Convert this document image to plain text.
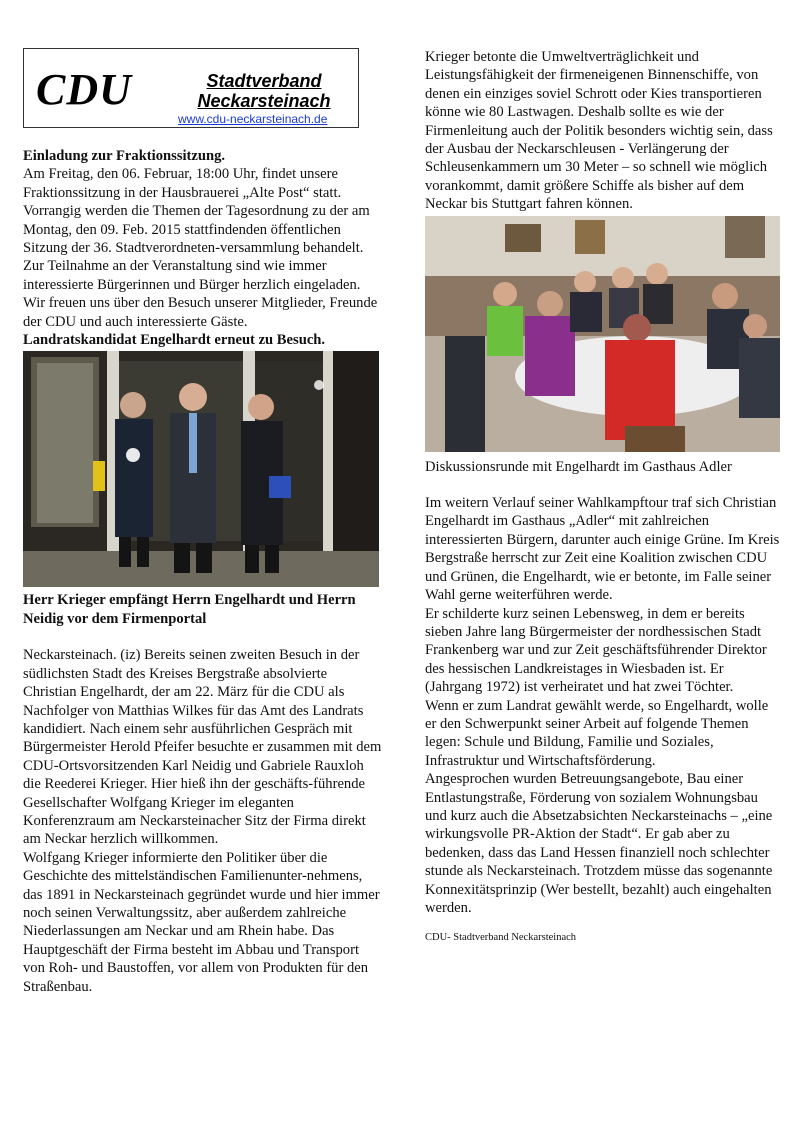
CDU	Stadtverband
Neckarsteinach
www.cdu-neckarsteinach.de

Einladung zur Fraktionssitzung.

Am Freitag, den 06. Februar, 18:00 Uhr, findet unsere Fraktionssitzung in der Hausbrauerei „Alte Post“ statt. Vorrangig werden die Themen der Tagesordnung zu der am Montag, den 09. Feb. 2015 stattfindenden öffentlichen Sitzung der 36. Stadtverordneten-versammlung behandelt.

Zur Teilnahme an der Veranstaltung sind wie immer interessierte Bürgerinnen und Bürger herzlich eingeladen. Wir freuen uns über den Besuch unserer Mitglieder, Freunde der CDU und auch interessierte Gäste.

Landratskandidat Engelhardt erneut zu Besuch.

Herr Krieger empfängt Herrn Engelhardt und Herrn Neidig vor dem Firmenportal

Neckarsteinach. (iz) Bereits seinen zweiten Besuch in der südlichsten Stadt des Kreises Bergstraße absolvierte Christian Engelhardt, der am 22. März für die CDU als Nachfolger von Matthias Wilkes für das Amt des Landrats kandidiert. Nach einem sehr ausführlichen Gespräch mit Bürgermeister Herold Pfeifer besuchte er zusammen mit dem CDU-Ortsvorsitzenden Karl Neidig und Gabriele Rauxloh die Reederei Krieger. Hier hieß ihn der geschäfts-führende Gesellschafter Wolfgang Krieger im eleganten Konferenzraum am Neckarsteinacher Sitz der Firma direkt am Neckar herzlich willkommen.

Wolfgang Krieger informierte den Politiker über die Geschichte des mittelständischen Familienunter-nehmens, das 1891 in Neckarsteinach gegründet wurde und hier immer noch seinen Verwaltungssitz, aber außerdem zahlreiche Niederlassungen am Neckar und am Rhein habe. Das Hauptgeschäft der Firma besteht im Abbau und Transport von Roh- und Baustoffen, vor allem von Produkten für den Straßenbau.

Krieger betonte die Umweltverträglichkeit und Leistungsfähigkeit der firmeneigenen Binnenschiffe, von denen ein einziges soviel Schrott oder Kies transportieren könne wie 80 Lastwagen. Deshalb sollte es wie der Firmenleitung auch der Politik besonders wichtig sein, dass der Ausbau der Neckarschleusen - Verlängerung der Schleusenkammern um 30 Meter – so schnell wie möglich vorankommt, damit größere Schiffe als bisher auf dem Neckar bis Stuttgart fahren können.

Diskussionsrunde mit Engelhardt im Gasthaus Adler

Im weitern Verlauf seiner Wahlkampftour traf sich Christian Engelhardt im Gasthaus „Adler“ mit zahlreichen interessierten Bürgern, darunter auch einige Grüne. Im Kreis Bergstraße herrscht zur Zeit eine Koalition zwischen CDU und Grünen, die Engelhardt, wie er betonte, im Falle seiner Wahl gerne weiterführen werde.

Er schilderte kurz seinen Lebensweg, in dem er bereits sieben Jahre lang Bürgermeister der nordhessischen Stadt Frankenberg war und zur Zeit geschäftsführender Direktor des hessischen Landkreistages in Wiesbaden ist. Er (Jahrgang 1972) ist verheiratet und hat zwei Töchter.

Wenn er zum Landrat gewählt werde, so Engelhardt, wolle er den Schwerpunkt seiner Arbeit auf folgende Themen legen: Schule und Bildung, Familie und Soziales, Infrastruktur und Wirtschaftsförderung.

Angesprochen wurden Betreuungsangebote, Bau einer Entlastungstraße, Förderung von sozialem Wohnungsbau und kurz auch die Absetzabsichten Neckarsteinachs – „eine wirkungsvolle PR-Aktion der Stadt“. Er gab aber zu bedenken, dass das Land Hessen finanziell noch schlechter stunde als Neckarsteinach. Trotzdem müsse das sogenannte Konnexitätsprinzip (Wer bestellt, bezahlt) auch eingehalten werden.

CDU- Stadtverband Neckarsteinach
